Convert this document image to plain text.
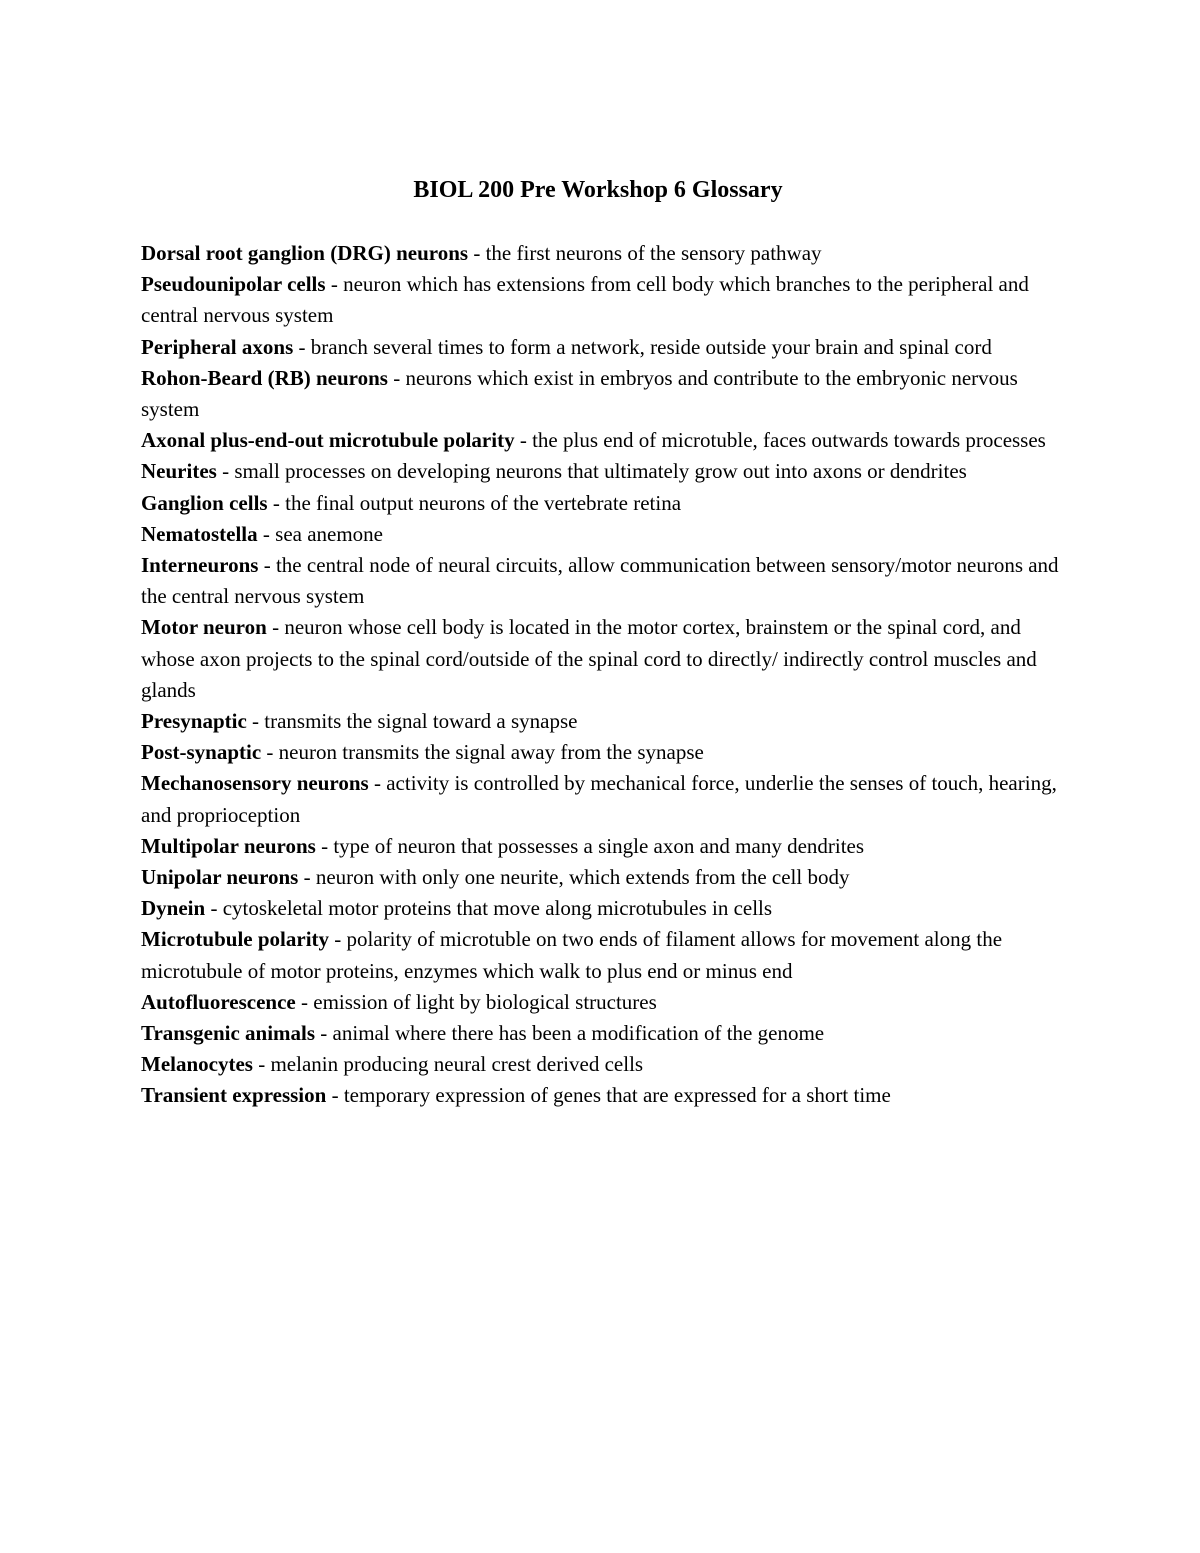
BIOL 200 Pre Workshop 6 Glossary

Dorsal root ganglion (DRG) neurons - the first neurons of the sensory pathway

Pseudounipolar cells - neuron which has extensions from cell body which branches to the peripheral and central nervous system

Peripheral axons - branch several times to form a network, reside outside your brain and spinal cord

Rohon-Beard (RB) neurons - neurons which exist in embryos and contribute to the embryonic nervous system

Axonal plus-end-out microtubule polarity - the plus end of microtuble, faces outwards towards processes

Neurites - small processes on developing neurons that ultimately grow out into axons or dendrites

Ganglion cells - the final output neurons of the vertebrate retina

Nematostella - sea anemone

Interneurons - the central node of neural circuits, allow communication between sensory/motor neurons and the central nervous system

Motor neuron - neuron whose cell body is located in the motor cortex, brainstem or the spinal cord, and whose axon projects to the spinal cord/outside of the spinal cord to directly/ indirectly control muscles and glands

Presynaptic - transmits the signal toward a synapse

Post-synaptic - neuron transmits the signal away from the synapse

Mechanosensory neurons - activity is controlled by mechanical force, underlie the senses of touch, hearing, and proprioception

Multipolar neurons - type of neuron that possesses a single axon and many dendrites

Unipolar neurons - neuron with only one neurite, which extends from the cell body

Dynein - cytoskeletal motor proteins that move along microtubules in cells

Microtubule polarity - polarity of microtuble on two ends of filament allows for movement along the microtubule of motor proteins, enzymes which walk to plus end or minus end

Autofluorescence - emission of light by biological structures

Transgenic animals - animal where there has been a modification of the genome

Melanocytes - melanin producing neural crest derived cells

Transient expression - temporary expression of genes that are expressed for a short time
